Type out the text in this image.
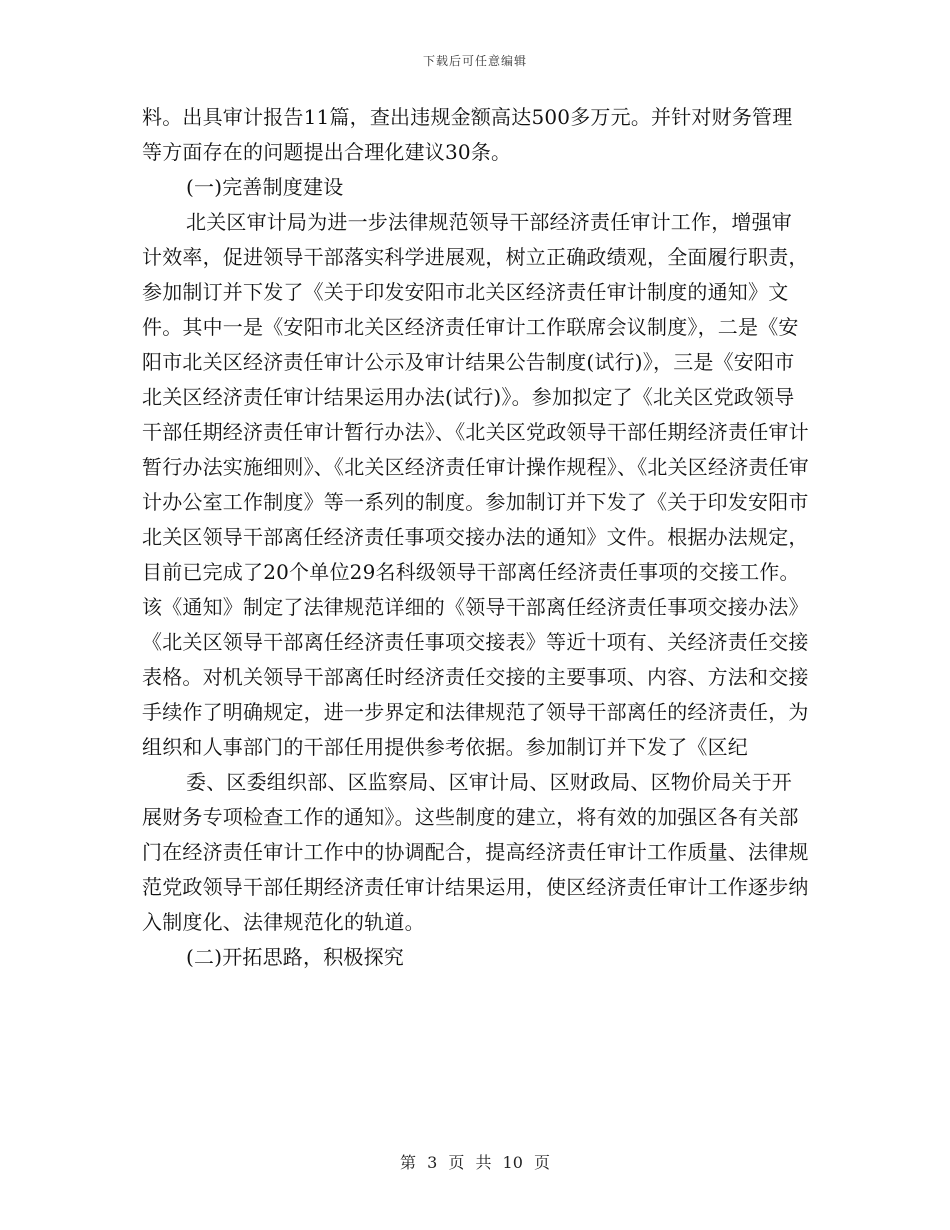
下载后可任意编辑

料。出具审计报告11篇，查出违规金额高达500多万元。并针对财务管理等方面存在的问题提出合理化建议30条。

(一)完善制度建设

北关区审计局为进一步法律规范领导干部经济责任审计工作，增强审计效率，促进领导干部落实科学进展观，树立正确政绩观，全面履行职责，参加制订并下发了《关于印发安阳市北关区经济责任审计制度的通知》文件。其中一是《安阳市北关区经济责任审计工作联席会议制度》，二是《安阳市北关区经济责任审计公示及审计结果公告制度(试行)》，三是《安阳市北关区经济责任审计结果运用办法(试行)》。参加拟定了《北关区党政领导干部任期经济责任审计暂行办法》、《北关区党政领导干部任期经济责任审计暂行办法实施细则》、《北关区经济责任审计操作规程》、《北关区经济责任审计办公室工作制度》等一系列的制度。参加制订并下发了《关于印发安阳市北关区领导干部离任经济责任事项交接办法的通知》文件。根据办法规定，目前已完成了20个单位29名科级领导干部离任经济责任事项的交接工作。该《通知》制定了法律规范详细的《领导干部离任经济责任事项交接办法》《北关区领导干部离任经济责任事项交接表》等近十项有、关经济责任交接表格。对机关领导干部离任时经济责任交接的主要事项、内容、方法和交接手续作了明确规定，进一步界定和法律规范了领导干部离任的经济责任，为组织和人事部门的干部任用提供参考依据。参加制订并下发了《区纪

委、区委组织部、区监察局、区审计局、区财政局、区物价局关于开展财务专项检查工作的通知》。这些制度的建立，将有效的加强区各有关部门在经济责任审计工作中的协调配合，提高经济责任审计工作质量、法律规范党政领导干部任期经济责任审计结果运用，使区经济责任审计工作逐步纳入制度化、法律规范化的轨道。

(二)开拓思路，积极探究

第 3 页 共 10 页
